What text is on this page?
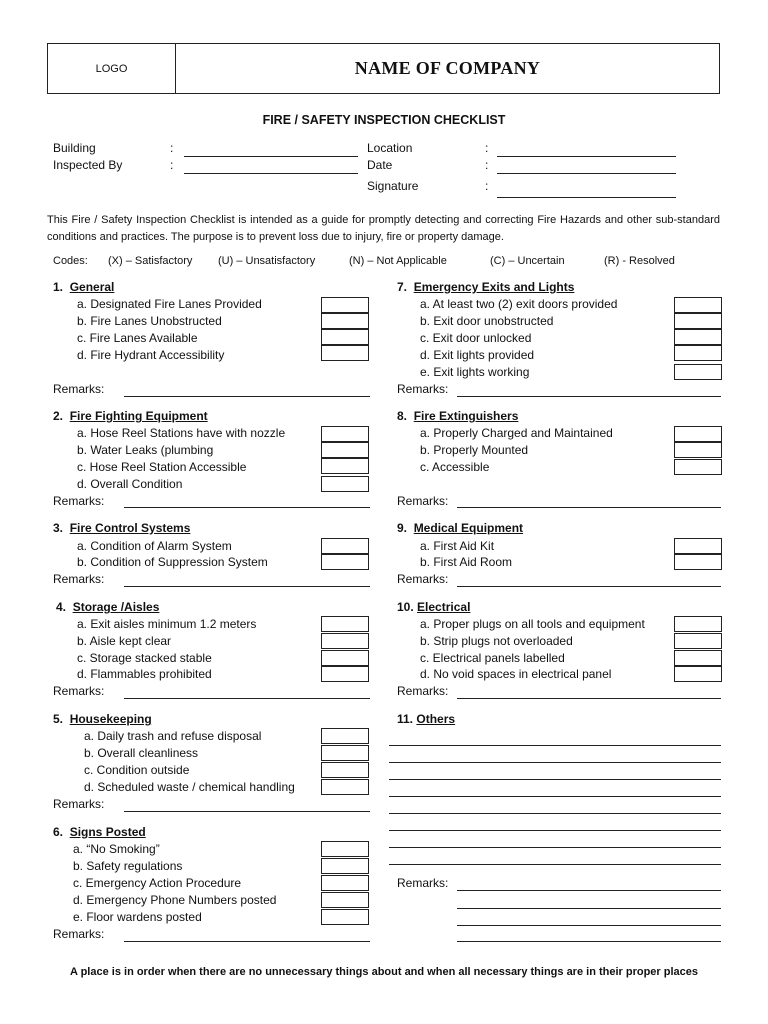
LOGO	NAME OF COMPANY
FIRE / SAFETY INSPECTION CHECKLIST
Building	:
Inspected By	:
Location	:
Date	:
Signature	:
This Fire / Safety Inspection Checklist is intended as a guide for promptly detecting and correcting Fire Hazards and other sub-standard conditions and practices. The purpose is to prevent loss due to injury, fire or property damage.
Codes: (X) – Satisfactory (U) – Unsatisfactory	(N) – Not Applicable	(C) – Uncertain	(R) - Resolved
1. General
a. Designated Fire Lanes Provided
b. Fire Lanes Unobstructed
c. Fire Lanes Available
d. Fire Hydrant Accessibility
Remarks:
2. Fire Fighting Equipment
a. Hose Reel Stations have with nozzle
b. Water Leaks (plumbing
c. Hose Reel Station Accessible
d. Overall Condition
Remarks:
3. Fire Control Systems
a. Condition of Alarm System
b. Condition of Suppression System
Remarks:
4. Storage /Aisles
a. Exit aisles minimum 1.2 meters
b. Aisle kept clear
c. Storage stacked stable
d. Flammables prohibited
Remarks:
5. Housekeeping
a. Daily trash and refuse disposal
b. Overall cleanliness
c. Condition outside
d. Scheduled waste / chemical handling
Remarks:
6. Signs Posted
a. “No Smoking”
b. Safety regulations
c. Emergency Action Procedure
d. Emergency Phone Numbers posted
e. Floor wardens posted
Remarks:
7. Emergency Exits and Lights
a. At least two (2) exit doors provided
b. Exit door unobstructed
c. Exit door unlocked
d. Exit lights provided
e. Exit lights working
Remarks:
8. Fire Extinguishers
a. Properly Charged and Maintained
b. Properly Mounted
c. Accessible
Remarks:
9. Medical Equipment
a. First Aid Kit
b. First Aid Room
Remarks:
10. Electrical
a. Proper plugs on all tools and equipment
b. Strip plugs not overloaded
c. Electrical panels labelled
d. No void spaces in electrical panel
Remarks:
11. Others
Remarks:
A place is in order when there are no unnecessary things about and when all necessary things are in their proper places
